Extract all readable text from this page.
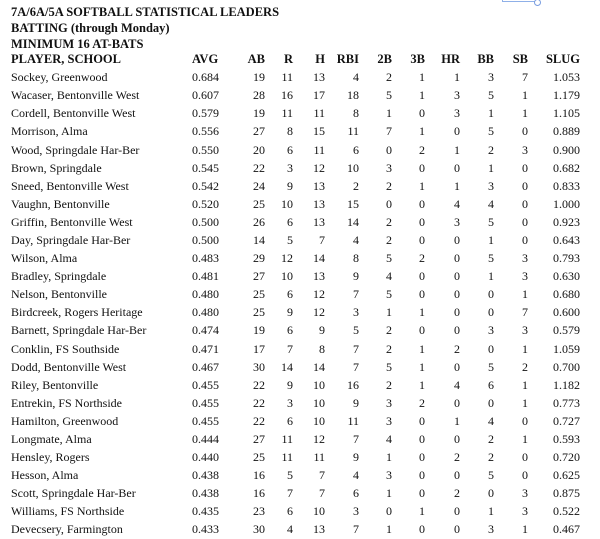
7A/6A/5A SOFTBALL STATISTICAL LEADERS
BATTING (through Monday)
MINIMUM 16 AT-BATS
PLAYER, SCHOOL	AVG	AB	R	H	RBI	2B	3B	HR	BB	SB	SLUG
Sockey, Greenwood	0.684	19	11	13	4	2	1	1	3	7	1.053
Wacaser, Bentonville West	0.607	28	16	17	18	5	1	3	5	1	1.179
Cordell, Bentonville West	0.579	19	11	11	8	1	0	3	1	1	1.105
Morrison, Alma	0.556	27	8	15	11	7	1	0	5	0	0.889
Wood, Springdale Har-Ber	0.550	20	6	11	6	0	2	1	2	3	0.900
Brown, Springdale	0.545	22	3	12	10	3	0	0	1	0	0.682
Sneed, Bentonville West	0.542	24	9	13	2	2	1	1	3	0	0.833
Vaughn, Bentonville	0.520	25	10	13	15	0	0	4	4	0	1.000
Griffin, Bentonville West	0.500	26	6	13	14	2	0	3	5	0	0.923
Day, Springdale Har-Ber	0.500	14	5	7	4	2	0	0	1	0	0.643
Wilson, Alma	0.483	29	12	14	8	5	2	0	5	3	0.793
Bradley, Springdale	0.481	27	10	13	9	4	0	0	1	3	0.630
Nelson, Bentonville	0.480	25	6	12	7	5	0	0	0	1	0.680
Birdcreek, Rogers Heritage	0.480	25	9	12	3	1	1	0	0	7	0.600
Barnett, Springdale Har-Ber	0.474	19	6	9	5	2	0	0	3	3	0.579
Conklin, FS Southside	0.471	17	7	8	7	2	1	2	0	1	1.059
Dodd, Bentonville West	0.467	30	14	14	7	5	1	0	5	2	0.700
Riley, Bentonville	0.455	22	9	10	16	2	1	4	6	1	1.182
Entrekin, FS Northside	0.455	22	3	10	9	3	2	0	0	1	0.773
Hamilton, Greenwood	0.455	22	6	10	11	3	0	1	4	0	0.727
Longmate, Alma	0.444	27	11	12	7	4	0	0	2	1	0.593
Hensley, Rogers	0.440	25	11	11	9	1	0	2	2	0	0.720
Hesson, Alma	0.438	16	5	7	4	3	0	0	5	0	0.625
Scott, Springdale Har-Ber	0.438	16	7	7	6	1	0	2	0	3	0.875
Williams, FS Northside	0.435	23	6	10	3	0	1	0	1	3	0.522
Devecsery, Farmington	0.433	30	4	13	7	1	0	0	3	1	0.467
